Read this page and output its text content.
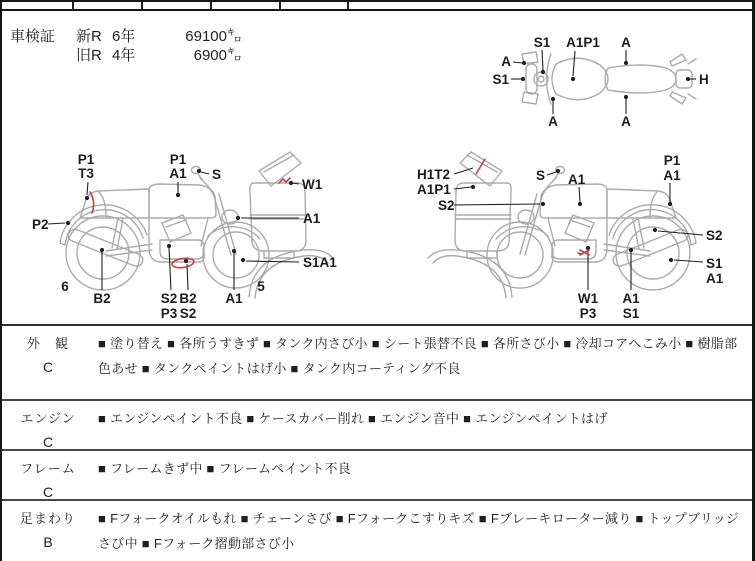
車検証	新R 6年	69100㌔
旧R 4年	6900㌔
S1 A1P1 A
A
S1	H
A	A
P1
T3
P1
A1 S
W1
P2	A1
S1A1
6
B2	S2 B2
P3 S2
A1
5
H1T2
A1P1
S2
S A1
P1
A1
S2
S1
A1
W1
P3
A1
S1
外　観
C
■ 塗り替え ■ 各所うすきず ■ タンク内さび小 ■ シート張替不良 ■ 各所さび小 ■ 冷却コアへこみ小 ■ 樹脂部色あせ ■ タンクペイントはげ小 ■ タンク内コーティング不良
エンジン
C
■ エンジンペイント不良 ■ ケースカバー削れ ■ エンジン音中 ■ エンジンペイントはげ
フレーム
C
■ フレームきず中 ■ フレームペイント不良
足まわり
B
■ Fフォークオイルもれ ■ チェーンさび ■ Fフォークこすりキズ ■ Fブレーキローター減り ■ トップブリッジさび中 ■ Fフォーク摺動部さび小
